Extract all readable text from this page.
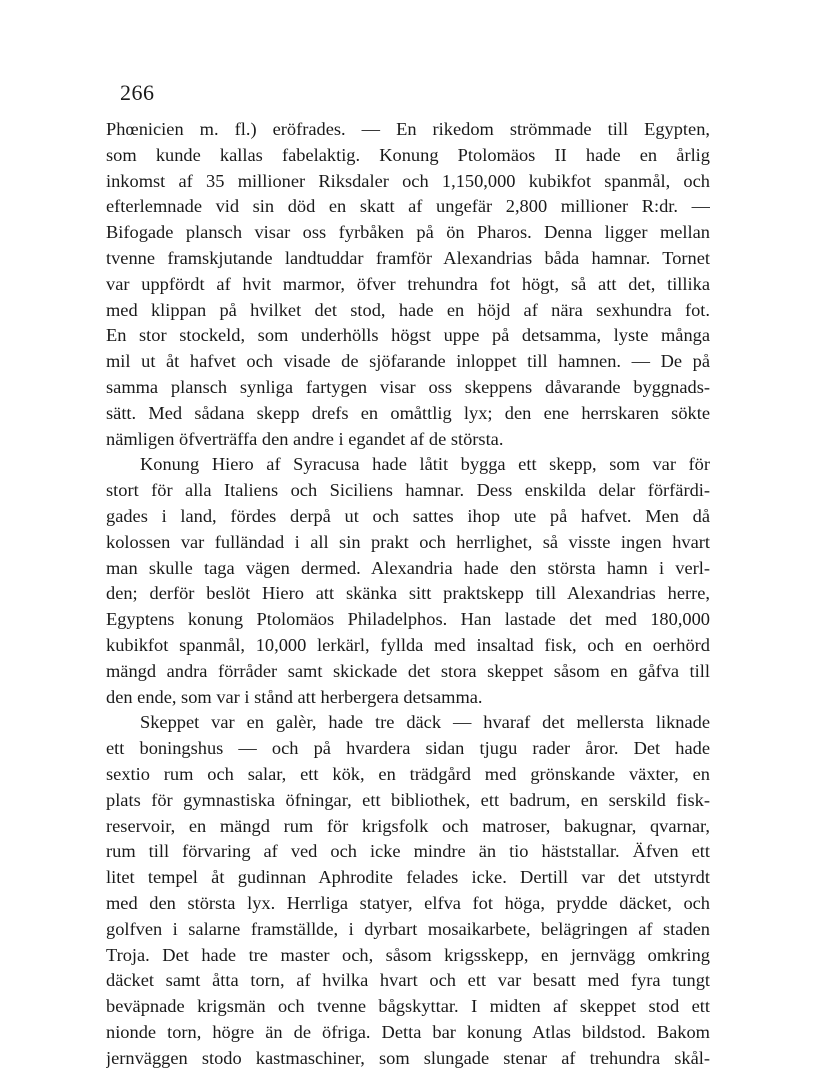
266
Phœnicien m. fl.) eröfrades. — En rikedom strömmade till Egypten,
som kunde kallas fabelaktig. Konung Ptolomäos II hade en årlig
inkomst af 35 millioner Riksdaler och 1,150,000 kubikfot spanmål, och
efterlemnade vid sin död en skatt af ungefär 2,800 millioner R:dr. —
Bifogade plansch visar oss fyrbåken på ön Pharos. Denna ligger mellan
tvenne framskjutande landtuddar framför Alexandrias båda hamnar. Tornet
var uppfördt af hvit marmor, öfver trehundra fot högt, så att det, tillika
med klippan på hvilket det stod, hade en höjd af nära sexhundra fot.
En stor stockeld, som underhölls högst uppe på detsamma, lyste många
mil ut åt hafvet och visade de sjöfarande inloppet till hamnen. — De på
samma plansch synliga fartygen visar oss skeppens dåvarande byggnads-
sätt. Med sådana skepp drefs en omåttlig lyx; den ene herrskaren sökte
nämligen öfverträffa den andre i egandet af de största.
Konung Hiero af Syracusa hade låtit bygga ett skepp, som var för
stort för alla Italiens och Siciliens hamnar. Dess enskilda delar förfärdi-
gades i land, fördes derpå ut och sattes ihop ute på hafvet. Men då
kolossen var fulländad i all sin prakt och herrlighet, så visste ingen hvart
man skulle taga vägen dermed. Alexandria hade den största hamn i verl-
den; derför beslöt Hiero att skänka sitt praktskepp till Alexandrias herre,
Egyptens konung Ptolomäos Philadelphos. Han lastade det med 180,000
kubikfot spanmål, 10,000 lerkärl, fyllda med insaltad fisk, och en oerhörd
mängd andra förråder samt skickade det stora skeppet såsom en gåfva till
den ende, som var i stånd att herbergera detsamma.
Skeppet var en galèr, hade tre däck — hvaraf det mellersta liknade
ett boningshus — och på hvardera sidan tjugu rader åror. Det hade
sextio rum och salar, ett kök, en trädgård med grönskande växter, en
plats för gymnastiska öfningar, ett bibliothek, ett badrum, en serskild fisk-
reservoir, en mängd rum för krigsfolk och matroser, bakugnar, qvarnar,
rum till förvaring af ved och icke mindre än tio häststallar. Äfven ett
litet tempel åt gudinnan Aphrodite felades icke. Dertill var det utstyrdt
med den största lyx. Herrliga statyer, elfva fot höga, prydde däcket, och
golfven i salarne framställde, i dyrbart mosaikarbete, belägringen af staden
Troja. Det hade tre master och, såsom krigsskepp, en jernvägg omkring
däcket samt åtta torn, af hvilka hvart och ett var besatt med fyra tungt
beväpnade krigsmän och tvenne bågskyttar. I midten af skeppet stod ett
nionde torn, högre än de öfriga. Detta bar konung Atlas bildstod. Bakom
jernväggen stodo kastmaschiner, som slungade stenar af trehundra skål-
